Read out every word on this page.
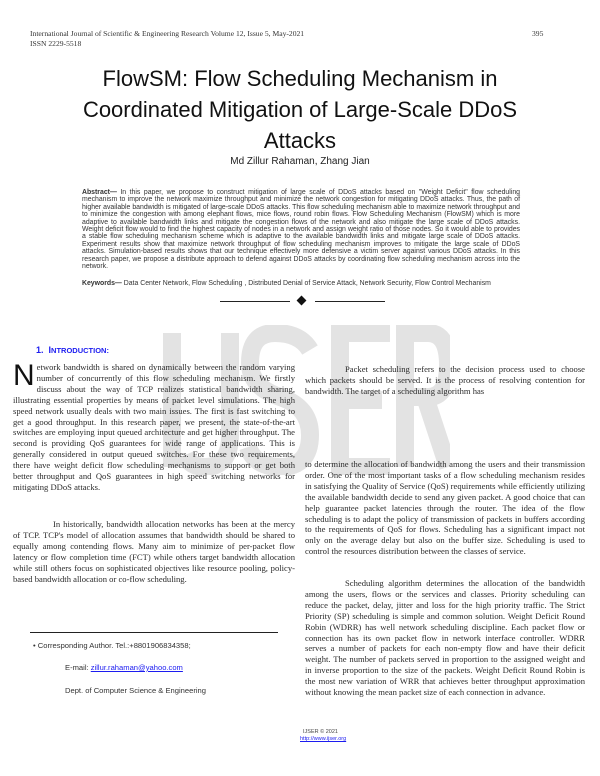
International Journal of Scientific & Engineering Research Volume 12, Issue 5, May-2021
ISSN 2229-5518
395
FlowSM: Flow Scheduling Mechanism in
Coordinated Mitigation of Large-Scale DDoS
Attacks
Md Zillur Rahaman, Zhang Jian
Abstract— In this paper, we propose to construct mitigation of large scale of DDoS attacks based on "Weight Deficit" flow scheduling mechanism to improve the network maximize throughput and minimize the network congestion for mitigating DDoS attacks. Thus, the path of higher available bandwidth is mitigated of large-scale DDoS attacks. This flow scheduling mechanism able to maximize network throughput and to minimize the congestion with among elephant flows, mice flows, round robin flows. Flow Scheduling Mechanism (FlowSM) which is more adaptive to available bandwidth links and mitigate the congestion flows of the network and also mitigate the large scale of DDoS attacks. Weight deficit flow would to find the highest capacity of nodes in a network and assign weight ratio of those nodes. So it would able to provides a stable flow scheduling mechanism scheme which is adaptive to the available bandwidth links and mitigate large scale of DDoS attacks. Experiment results show that maximize network throughput of flow scheduling mechanism improves to mitigate the large scale of DDoS attacks. Simulation-based results shows that our technique effectively more defensive a victim server against various DDoS attacks. In this research paper, we propose a distribute approach to defend against DDoS attacks by coordinating flow scheduling mechanism across into the network.
Keywords— Data Center Network, Flow Scheduling , Distributed Denial of Service Attack, Network Security, Flow Control Mechanism
1. INTRODUCTION:
Network bandwidth is shared on dynamically between the random varying number of concurrently of this flow scheduling mechanism. We firstly discuss about the way of TCP realizes statistical bandwidth sharing, illustrating essential properties by means of packet level simulations. The high speed network usually deals with two main issues. The first is fast switching to get a good throughput. In this research paper, we present, the state-of-the-art switches are employing input queued architecture and get higher throughput. The second is providing QoS guarantees for wide range of applications. This is generally considered in output queued switches. For these two requirements, there have weight deficit flow scheduling mechanisms to support or get both better throughput and QoS guarantees in high speed switching networks for mitigating DDoS attacks.
In historically, bandwidth allocation networks has been at the mercy of TCP. TCP's model of allocation assumes that bandwidth should be shared to equally among contending flows. Many aim to minimize of per-packet flow latency or flow completion time (FCT) while others target bandwidth allocation while still others focus on sophisticated objectives like resource pooling, policy-based bandwidth allocation or co-flow scheduling.
• Corresponding Author. Tel.:+8801906834358;
E-mail: zillur.rahaman@yahoo.com
Dept. of Computer Science & Engineering
Packet scheduling refers to the decision process used to choose which packets should be served. It is the process of resolving contention for bandwidth. The target of a scheduling algorithm has
to determine the allocation of bandwidth among the users and their transmission order. One of the most important tasks of a flow scheduling mechanism resides in satisfying the Quality of Service (QoS) requirements while efficiently utilizing the available bandwidth decide to send any given packet. A good choice that can help guarantee packet latencies through the router. The idea of the flow scheduling is to adapt the policy of transmission of packets in buffers according to the requirements of QoS for flows. Scheduling has a significant impact not only on the average delay but also on the buffer size. Scheduling is used to control the resources distribution between the classes of service.
Scheduling algorithm determines the allocation of the bandwidth among the users, flows or the services and classes. Priority scheduling can reduce the packet, delay, jitter and loss for the high priority traffic. The Strict Priority (SP) scheduling is simple and common solution. Weight Deficit Round Robin (WDRR) has well network scheduling discipline. Each packet flow or connection has its own packet flow in network interface controller. WDRR serves a number of packets for each non-empty flow and have their deficit weight. The number of packets served in proportion to the assigned weight and in inverse proportion to the size of the packets. Weight Deficit Round Robin is the most new variation of WRR that achieves better throughput approximation without knowing the mean packet size of each connection in advance.
IJSER © 2021
http://www.ijser.org
